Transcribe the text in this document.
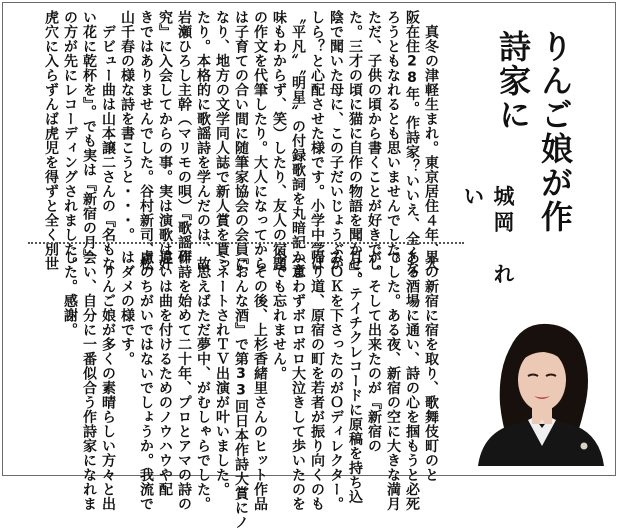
りんご娘が作詩家に
城岡　れい
　真冬の津軽生まれ。東京居住４年、大
阪在住28年。作詩家？いいえ、全くな
ろうともなれるとも思いませんでした。
ただ、子供の頃から書くことが好きでし
た。三才の頃に猫に自作の物語を聞かせ、
陰で聞いた母に、この子だいじょうぶか
しら？と心配させた様です。小学中学は
〝平凡〟〝明星〟の付録歌詞を丸暗記（意
味もわからず、笑）したり、友人の宿題
の作文を代筆したり。大人になってから
は子育ての合い間に随筆家協会の会員に
なり、地方の文学同人誌で新人賞を貰っ
たり。本格的に歌謡詩を学んだのは、故
岩瀬ひろし主幹（マリモの唄）『歌謡研
究』に入会してからの事。実は演歌は好
きではありませんでした。谷村新司、松
山千春の様な詩を書こうと・・・。
　デビュー曲は山本譲二さんの『名もな
い花に乾杯を』。でも実は『新宿の月』
の方が先にレコーディングされました。
虎穴に入らずんば虎児を得ずと全く別世
界の新宿に宿を取り、歌舞伎町のと
ある酒場に通い、詩の心を掴もうと必死
でした。ある夜、新宿の空に大きな満月
が。そして出来たのが『新宿の
月』。テイチクレコードに原稿を持ち込
みＯＫを下さったのがＯディレクター。
帰り道、原宿の町を若者が振り向くのも
かまわずボロボロ大泣きして歩いたのを
今でも忘れません。
　その後、上杉香緒里さんのヒット作品
『おんな酒』で第33回日本作詩大賞にノ
ミネートされＴＶ出演が叶いました。
　思えばただ夢中、がむしゃらでした。
作詩を始めて二十年、プロとアマの詩の
違いは曲を付けるためのノウハウや配
慮のちがいではないでしょうか。我流で
はダメの様です。
　りんご娘が多くの素晴らしい方々と出
会い、自分に一番似合う作詩家になれま
した。感謝。
